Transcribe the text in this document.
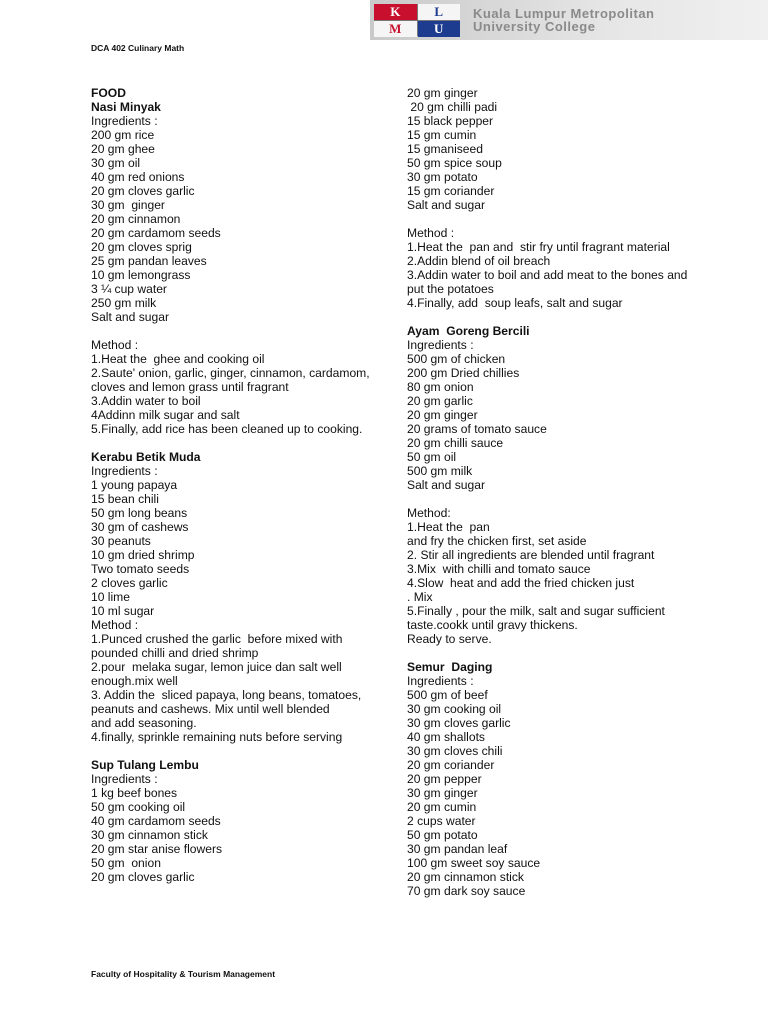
K	L
M	U
Kuala Lumpur Metropolitan
University College
DCA 402 Culinary Math
FOOD
Nasi Minyak
Ingredients :
200 gm rice
20 gm ghee
30 gm oil
40 gm red onions
20 gm cloves garlic
30 gm  ginger
20 gm cinnamon
20 gm cardamom seeds
20 gm cloves sprig
25 gm pandan leaves
10 gm lemongrass
3 ¼ cup water
250 gm milk
Salt and sugar
Method :
1.Heat the  ghee and cooking oil
2.Saute' onion, garlic, ginger, cinnamon, cardamom, cloves and lemon grass until fragrant
3.Addin water to boil
4Addinn milk sugar and salt
5.Finally, add rice has been cleaned up to cooking.
Kerabu Betik Muda
Ingredients :
1 young papaya
15 bean chili
50 gm long beans
30 gm of cashews
30 peanuts
10 gm dried shrimp
Two tomato seeds
2 cloves garlic
10 lime
10 ml sugar
Method :
1.Punced crushed the garlic  before mixed with pounded chilli and dried shrimp
2.pour  melaka sugar, lemon juice dan salt well enough.mix well
3. Addin the  sliced papaya, long beans, tomatoes, peanuts and cashews. Mix until well blended
and add seasoning.
4.finally, sprinkle remaining nuts before serving
Sup Tulang Lembu
Ingredients :
1 kg beef bones
50 gm cooking oil
40 gm cardamom seeds
30 gm cinnamon stick
20 gm star anise flowers
50 gm  onion
20 gm cloves garlic
20 gm ginger
20 gm chilli padi
15 black pepper
15 gm cumin
15 gmaniseed
50 gm spice soup
30 gm potato
15 gm coriander
Salt and sugar
Method :
1.Heat the  pan and  stir fry until fragrant material
2.Addin blend of oil breach
3.Addin water to boil and add meat to the bones and put the potatoes
4.Finally, add  soup leafs, salt and sugar
Ayam  Goreng Bercili
Ingredients :
500 gm of chicken
200 gm Dried chillies
80 gm onion
20 gm garlic
20 gm ginger
20 grams of tomato sauce
20 gm chilli sauce
50 gm oil
500 gm milk
Salt and sugar
Method:
1.Heat the  pan
and fry the chicken first, set aside
2. Stir all ingredients are blended until fragrant
3.Mix  with chilli and tomato sauce
4.Slow  heat and add the fried chicken just
. Mix
5.Finally , pour the milk, salt and sugar sufficient taste.cookk until gravy thickens.
Ready to serve.
Semur  Daging
Ingredients :
500 gm of beef
30 gm cooking oil
30 gm cloves garlic
40 gm shallots
30 gm cloves chili
20 gm coriander
20 gm pepper
30 gm ginger
20 gm cumin
2 cups water
50 gm potato
30 gm pandan leaf
100 gm sweet soy sauce
20 gm cinnamon stick
70 gm dark soy sauce
Faculty of Hospitality & Tourism Management
